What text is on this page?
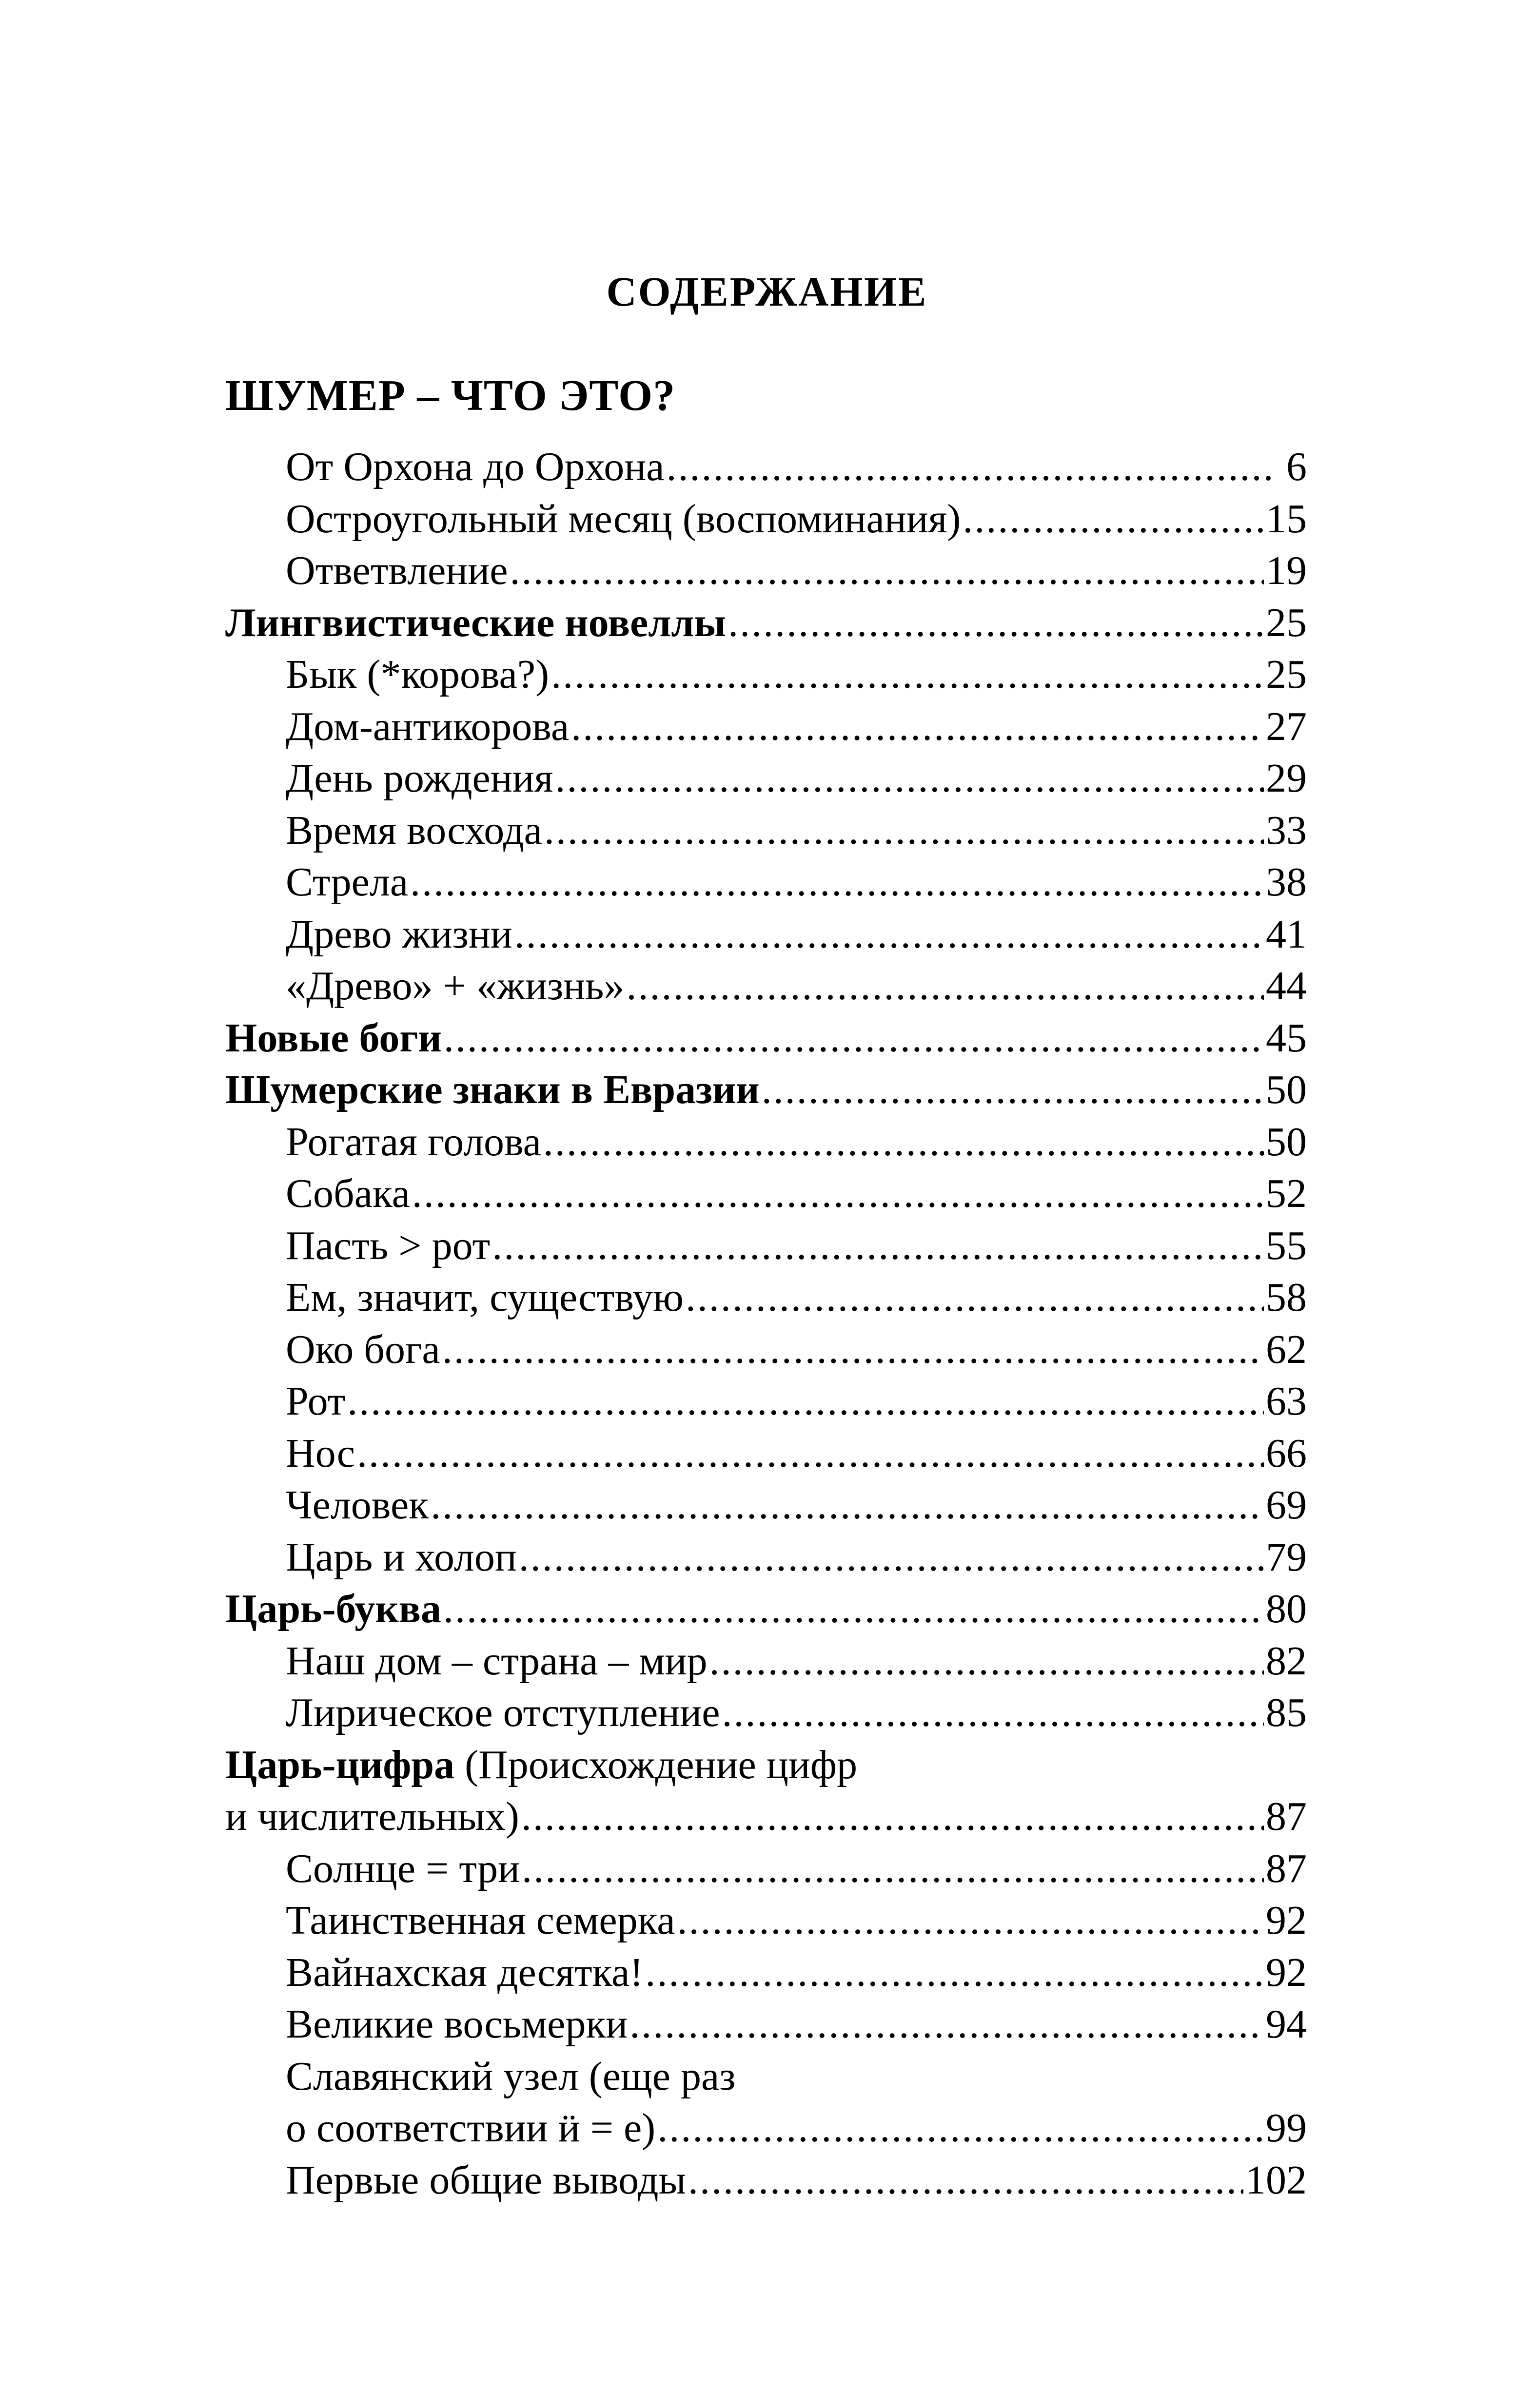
СОДЕРЖАНИЕ
ШУМЕР – ЧТО ЭТО?
От Орхона до Орхона . . .	6
Остроугольный месяц (воспоминания) . . .	15
Ответвление . . .	19
Лингвистические новеллы . . .	25
Бык (*корова?) . . .	25
Дом-антикорова . . .	27
День рождения . . .	29
Время восхода . . .	33
Стрела . . .	38
Древо жизни . . .	41
«Древо» + «жизнь» . . .	44
Новые боги . . .	45
Шумерские знаки в Евразии . . .	50
Рогатая голова . . .	50
Собака . . .	52
Пасть > рот . . .	55
Ем, значит, существую . . .	58
Око бога . . .	62
Рот . . .	63
Нос . . .	66
Человек . . .	69
Царь и холоп . . .	79
Царь-буква . . .	80
Наш дом – страна – мир . . .	82
Лирическое отступление . . .	85
Царь-цифра (Происхождение цифр
и числительных) . . .	87
Солнце = три . . .	87
Таинственная семерка . . .	92
Вайнахская десятка! . . .	92
Великие восьмерки . . .	94
Славянский узел (еще раз
о соответствии ӥ = е) . . .	99
Первые общие выводы . . .	102
